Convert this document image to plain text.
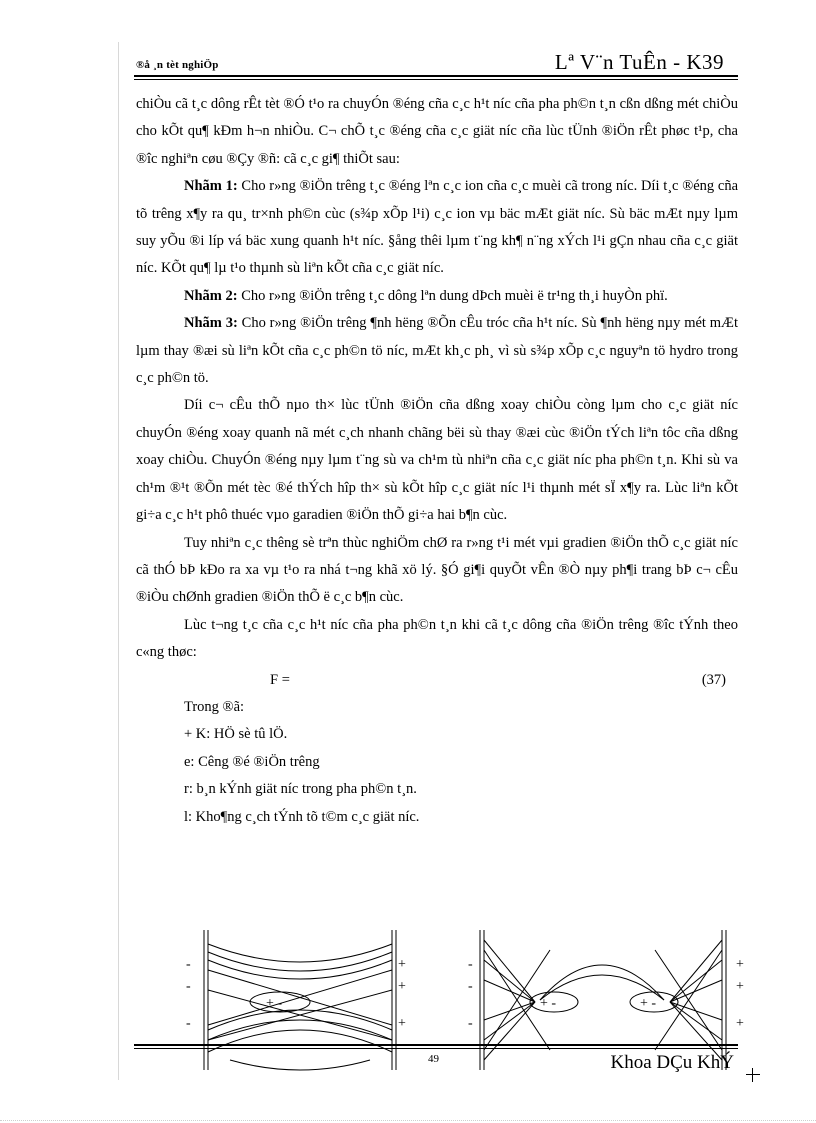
®å ¸n tèt nghiÖp	Lª V¨n TuÊn - K39

chiÒu cã t¸c dông rÊt tèt ®Ó t¹o ra chuyÓn ®éng cña c¸c h¹t níc cña pha ph©n t¸n cßn dßng mét chiÒu cho kÕt qu¶ kÐm h¬n nhiÒu. C¬ chÕ t¸c ®éng cña c¸c giät níc cña lùc tÜnh ®iÖn rÊt phøc t¹p, cha ®îc nghiªn cøu ®Çy ®ñ: cã c¸c gi¶ thiÕt sau:

Nhãm 1: Cho r»ng ®iÖn trêng t¸c ®éng lªn c¸c ion cña c¸c muèi cã trong níc. Díi t¸c ®éng cña tõ trêng x¶y ra qu¸ tr×nh ph©n cùc (s¾p xÕp l¹i) c¸c ion vµ bäc mÆt giät níc. Sù bäc mÆt nµy lµm suy yÕu ®i líp vá bäc xung quanh h¹t níc. §ång thêi lµm t¨ng kh¶ n¨ng xÝch l¹i gÇn nhau cña c¸c giät níc. KÕt qu¶ lµ t¹o thµnh sù liªn kÕt cña c¸c giät níc.

Nhãm 2: Cho r»ng ®iÖn trêng t¸c dông lªn dung dÞch muèi ë tr¹ng th¸i huyÒn phï.

Nhãm 3: Cho r»ng ®iÖn trêng ¶nh hëng ®Õn cÊu tróc cña h¹t níc. Sù ¶nh hëng nµy mét mÆt lµm thay ®æi sù liªn kÕt cña c¸c ph©n tö níc, mÆt kh¸c ph¸ vì sù s¾p xÕp c¸c nguyªn tö hydro trong c¸c ph©n tö.

Díi c¬ cÊu thÕ nµo th× lùc tÜnh ®iÖn cña dßng xoay chiÒu còng lµm cho c¸c giät níc chuyÓn ®éng xoay quanh nã mét c¸ch nhanh chãng bëi sù thay ®æi cùc ®iÖn tÝch liªn tôc cña dßng xoay chiÒu. ChuyÓn ®éng nµy lµm t¨ng sù va ch¹m tù nhiªn cña c¸c giät níc pha ph©n t¸n. Khi sù va ch¹m ®¹t ®Õn mét tèc ®é thÝch hîp th× sù kÕt hîp c¸c giät níc l¹i thµnh mét sÏ x¶y ra. Lùc liªn kÕt gi÷a c¸c h¹t phô thuéc vµo garadien ®iÖn thÕ gi÷a hai b¶n cùc.

Tuy nhiªn c¸c thêng sè trªn thùc nghiÖm chØ ra r»ng t¹i mét vµi gradien ®iÖn thÕ c¸c giät níc cã thÓ bÞ kÐo ra xa vµ t¹o ra nhá t¬ng khã xö lý. §Ó gi¶i quyÕt vÊn ®Ò nµy ph¶i trang bÞ c¬ cÊu ®iÒu chØnh gradien ®iÖn thÕ ë c¸c b¶n cùc.

Lùc t¬ng t¸c cña c¸c h¹t níc cña pha ph©n t¸n khi cã t¸c dông cña ®iÖn trêng ®îc tÝnh theo c«ng thøc:

F =	(37)
Trong ®ã:
+ K: HÖ sè tû lÖ.
e: Cêng ®é ®iÖn trêng
r: b¸n kÝnh giät níc trong pha ph©n t¸n.
l: Kho¶ng c¸ch tÝnh tõ t©m c¸c giät níc.
-
-
-
+
+
+
-
-
-
+
+
+
+ -	+ -	+ -
49	Khoa DÇu KhÝ
